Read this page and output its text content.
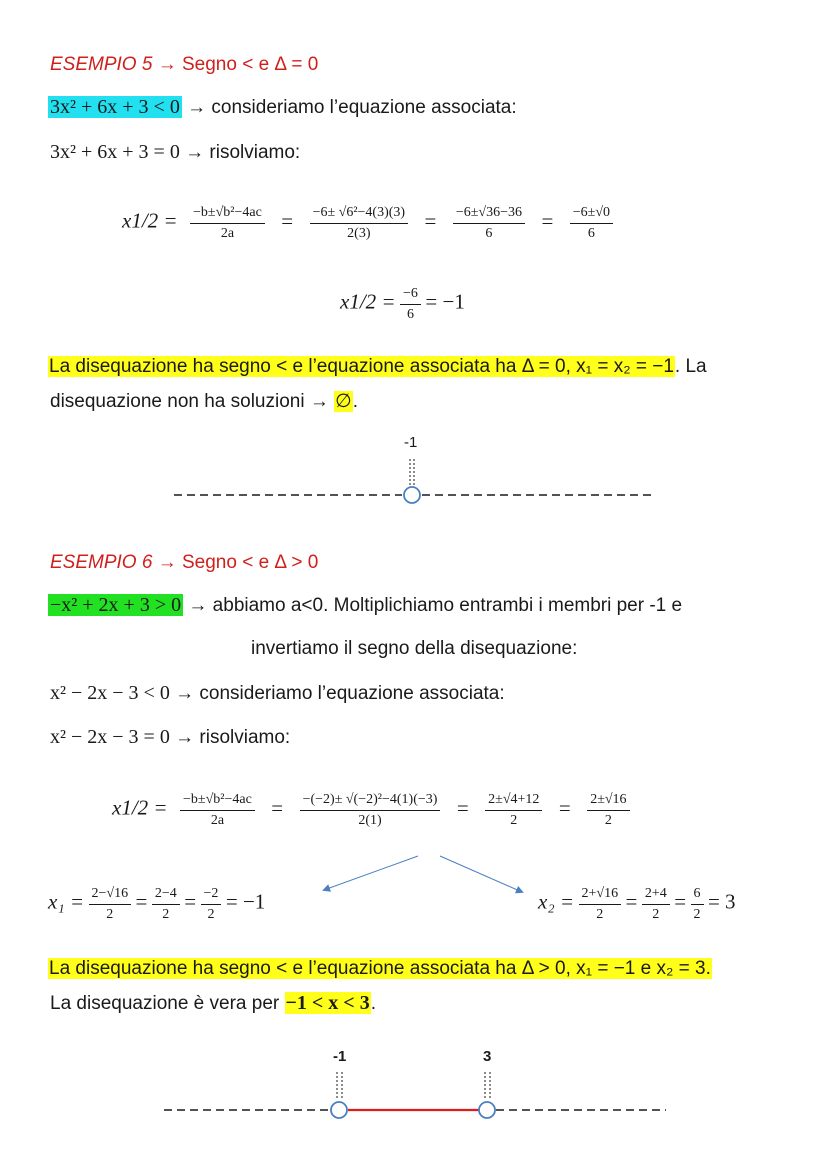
ESEMPIO 5 → Segno < e Δ = 0
3x² + 6x + 3 < 0 → consideriamo l’equazione associata:
3x² + 6x + 3 = 0 → risolviamo:
$x1/2 = \frac{\text{−b±√b²−4ac}}{2a} = \frac{\text{−6± √6²−4(3)(3)}}{2(3)} = \frac{-6\pm√36-36}{6} = \frac{-6\pm√0}{6}$
$x1/2 = \frac{-6}{6} = -1$
La disequazione ha segno < e l’equazione associata ha Δ = 0, x₁ = x₂ = −1. La
disequazione non ha soluzioni → ∅.
-1
ESEMPIO 6 → Segno < e Δ > 0
−x² + 2x + 3 > 0 → abbiamo a<0. Moltiplichiamo entrambi i membri per -1 e
invertiamo il segno della disequazione:
x² − 2x − 3 < 0 → consideriamo l’equazione associata:
x² − 2x − 3 = 0 → risolviamo:
$x1/2 = \frac{\text{−b±√b²−4ac}}{2a} = \frac{\text{−(−2)± √(−2)²−4(1)(−3)}}{2(1)} = \frac{2\pm√4+12}{2} = \frac{2\pm√16}{2}$
$x_1 = \frac{2-√16}{2} = \frac{2-4}{2} = \frac{-2}{2} = -1$	$x_2 = \frac{2+√16}{2} = \frac{2+4}{2} = \frac{6}{2} = 3$
La disequazione ha segno < e l’equazione associata ha Δ > 0, x₁ = −1 e x₂ = 3.
La disequazione è vera per −1 < x < 3.
-1	3
